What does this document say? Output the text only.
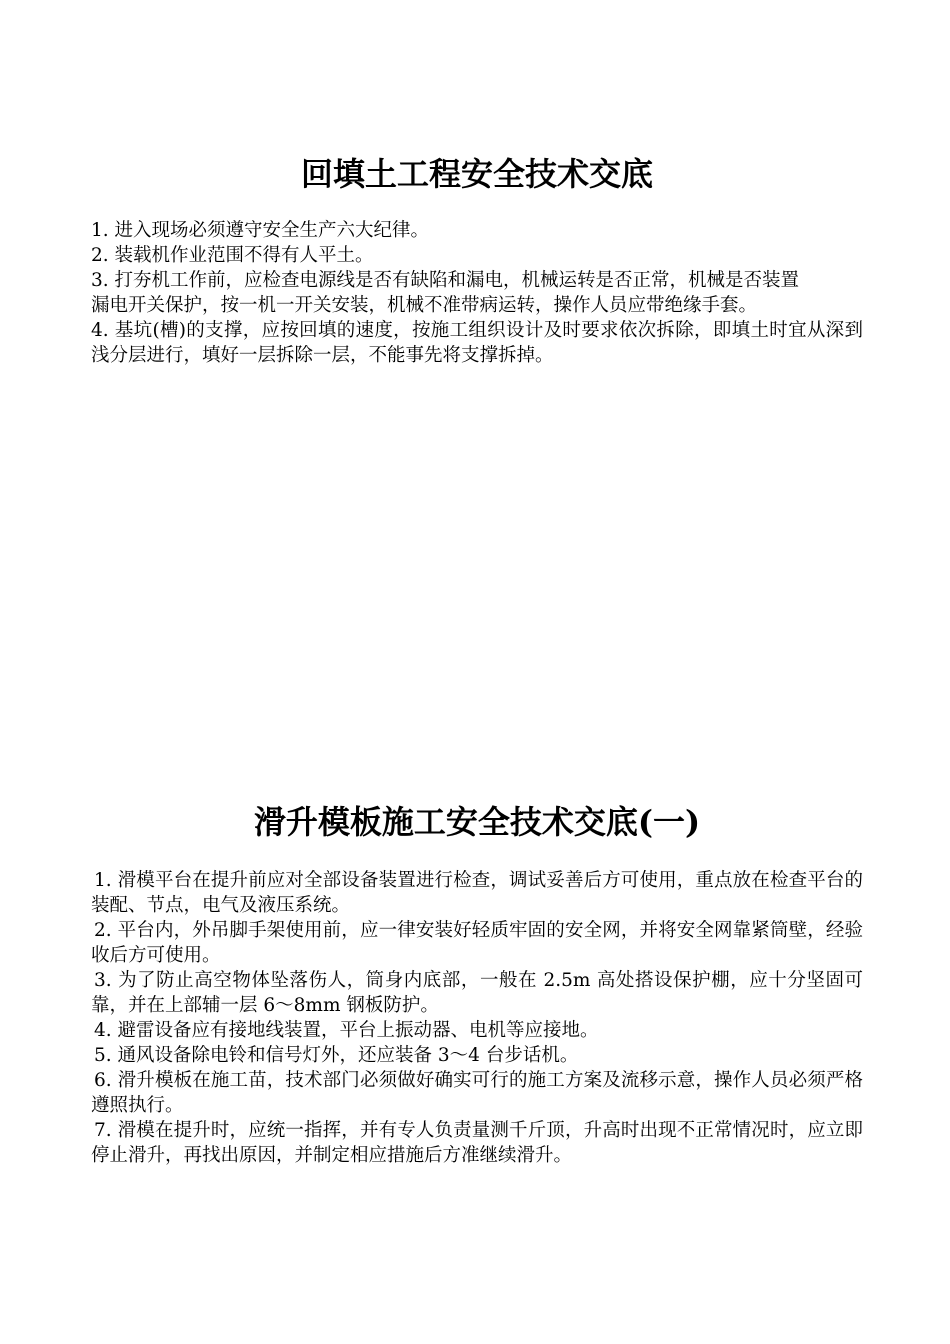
回填土工程安全技术交底

1. 进入现场必须遵守安全生产六大纪律。

2. 装载机作业范围不得有人平土。

3. 打夯机工作前，应检查电源线是否有缺陷和漏电，机械运转是否正常，机械是否装置

漏电开关保护，按一机一开关安装，机械不准带病运转，操作人员应带绝缘手套。

4. 基坑(槽)的支撑，应按回填的速度，按施工组织设计及时要求依次拆除，即填土时宜从深到浅分层进行，填好一层拆除一层，不能事先将支撑拆掉。

滑升模板施工安全技术交底(一)

1. 滑模平台在提升前应对全部设备装置进行检查，调试妥善后方可使用，重点放在检查平台的装配、节点，电气及液压系统。

2. 平台内，外吊脚手架使用前，应一律安装好轻质牢固的安全网，并将安全网靠紧筒壁，经验收后方可使用。

3. 为了防止高空物体坠落伤人，筒身内底部，一般在 2.5m 高处搭设保护棚，应十分坚固可靠，并在上部辅一层 6～8mm 钢板防护。

4. 避雷设备应有接地线装置，平台上振动器、电机等应接地。

5. 通风设备除电铃和信号灯外，还应装备 3～4 台步话机。

6. 滑升模板在施工苗，技术部门必须做好确实可行的施工方案及流移示意，操作人员必须严格遵照执行。

7. 滑模在提升时，应统一指挥，并有专人负责量测千斤顶，升高时出现不正常情况时，应立即停止滑升，再找出原因，并制定相应措施后方准继续滑升。
